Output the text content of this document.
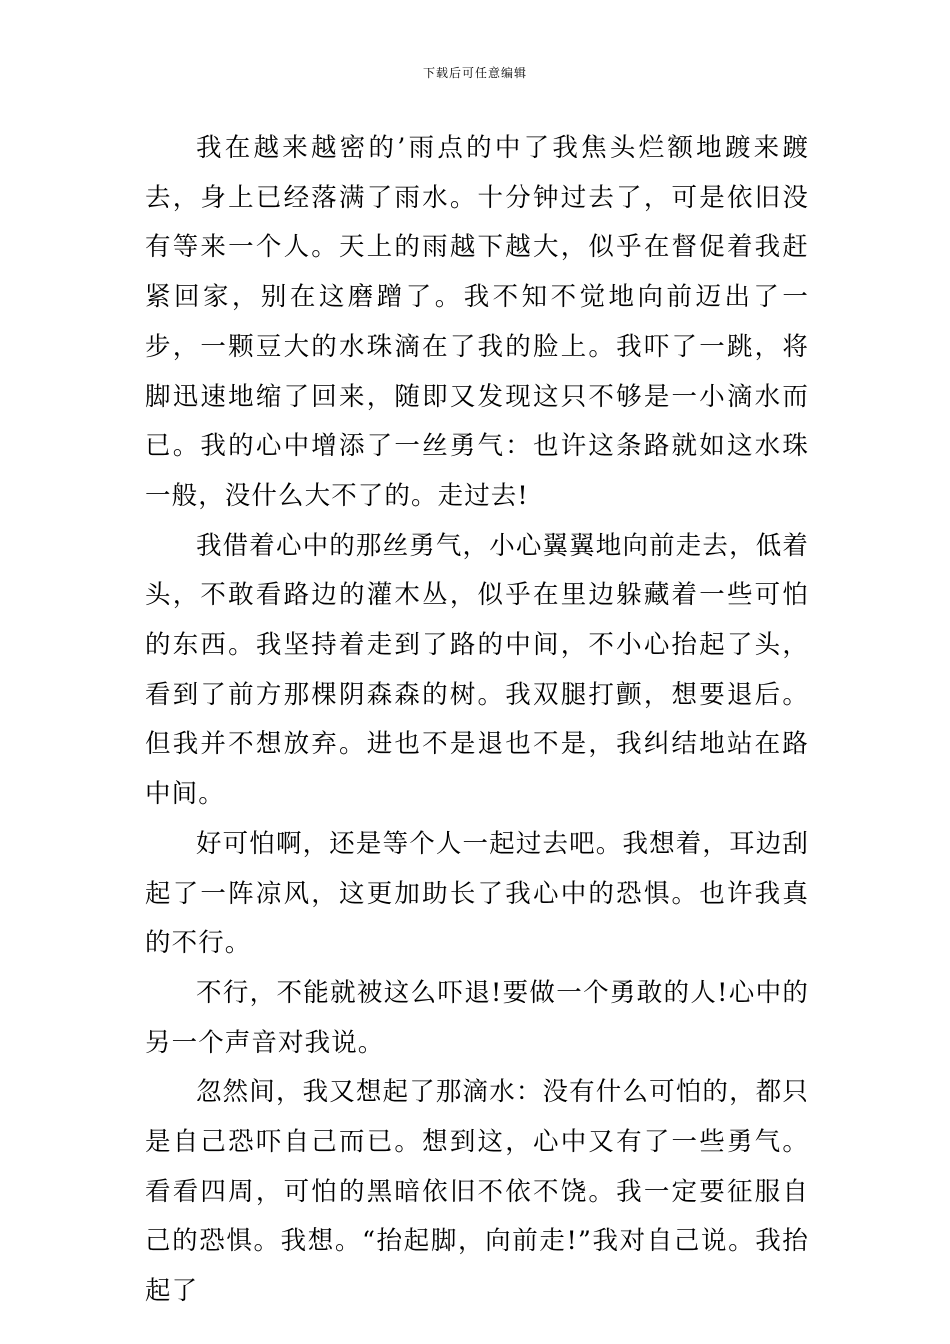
下载后可任意编辑

我在越来越密的’雨点的中了我焦头烂额地踱来踱去，身上已经落满了雨水。十分钟过去了，可是依旧没有等来一个人。天上的雨越下越大，似乎在督促着我赶紧回家，别在这磨蹭了。我不知不觉地向前迈出了一步，一颗豆大的水珠滴在了我的脸上。我吓了一跳，将脚迅速地缩了回来，随即又发现这只不够是一小滴水而已。我的心中增添了一丝勇气：也许这条路就如这水珠一般，没什么大不了的。走过去!

我借着心中的那丝勇气，小心翼翼地向前走去，低着头，不敢看路边的灌木丛，似乎在里边躲藏着一些可怕的东西。我坚持着走到了路的中间，不小心抬起了头，看到了前方那棵阴森森的树。我双腿打颤，想要退后。但我并不想放弃。进也不是退也不是，我纠结地站在路中间。

好可怕啊，还是等个人一起过去吧。我想着，耳边刮起了一阵凉风，这更加助长了我心中的恐惧。也许我真的不行。

不行，不能就被这么吓退!要做一个勇敢的人!心中的另一个声音对我说。

忽然间，我又想起了那滴水：没有什么可怕的，都只是自己恐吓自己而已。想到这，心中又有了一些勇气。看看四周，可怕的黑暗依旧不依不饶。我一定要征服自己的恐惧。我想。“抬起脚，向前走!”我对自己说。我抬起了
